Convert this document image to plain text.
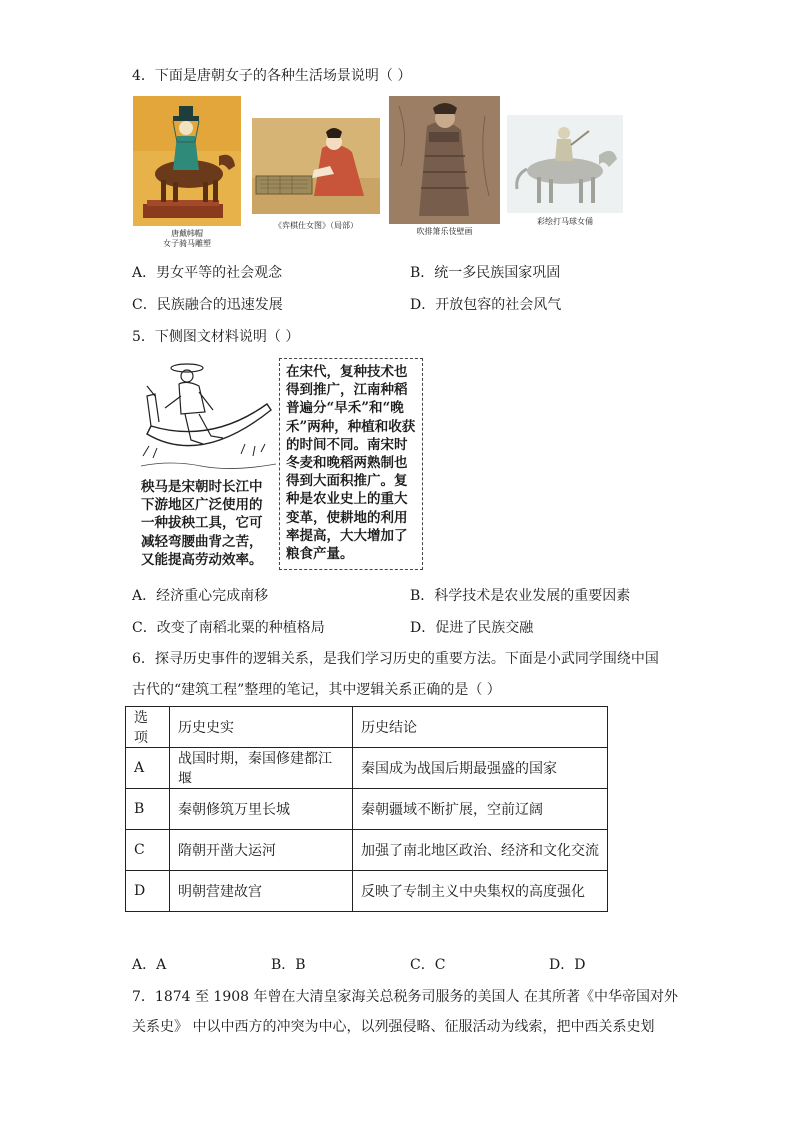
4．下面是唐朝女子的各种生活场景说明（ ）
唐戴帏帽
女子骑马雕塑
《弈棋仕女图》（局部）
吹排箫乐伎壁画
彩绘打马球女俑
A．男女平等的社会观念	B．统一多民族国家巩固
C．民族融合的迅速发展	D．开放包容的社会风气
5．下侧图文材料说明（ ）
秧马是宋朝时长江中下游地区广泛使用的一种拔秧工具，它可减轻弯腰曲背之苦，又能提高劳动效率。
在宋代，复种技术也得到推广，江南种稻普遍分“早禾”和“晚禾”两种，种植和收获的时间不同。南宋时冬麦和晚稻两熟制也得到大面积推广。复种是农业史上的重大变革，使耕地的利用率提高，大大增加了粮食产量。
A．经济重心完成南移	B．科学技术是农业发展的重要因素
C．改变了南稻北粟的种植格局	D．促进了民族交融
6．探寻历史事件的逻辑关系，是我们学习历史的重要方法。下面是小武同学围绕中国
古代的“建筑工程”整理的笔记，其中逻辑关系正确的是（ ）
选项	历史史实	历史结论
A	战国时期，秦国修建都江堰	秦国成为战国后期最强盛的国家
B	秦朝修筑万里长城	秦朝疆域不断扩展，空前辽阔
C	隋朝开凿大运河	加强了南北地区政治、经济和文化交流
D	明朝营建故宫	反映了专制主义中央集权的高度强化
A．A	B．B	C．C	D．D
7．1874 至 1908 年曾在大清皇家海关总税务司服务的美国人 在其所著《中华帝国对外
关系史》 中以中西方的冲突为中心，以列强侵略、征服活动为线索，把中西关系史划
